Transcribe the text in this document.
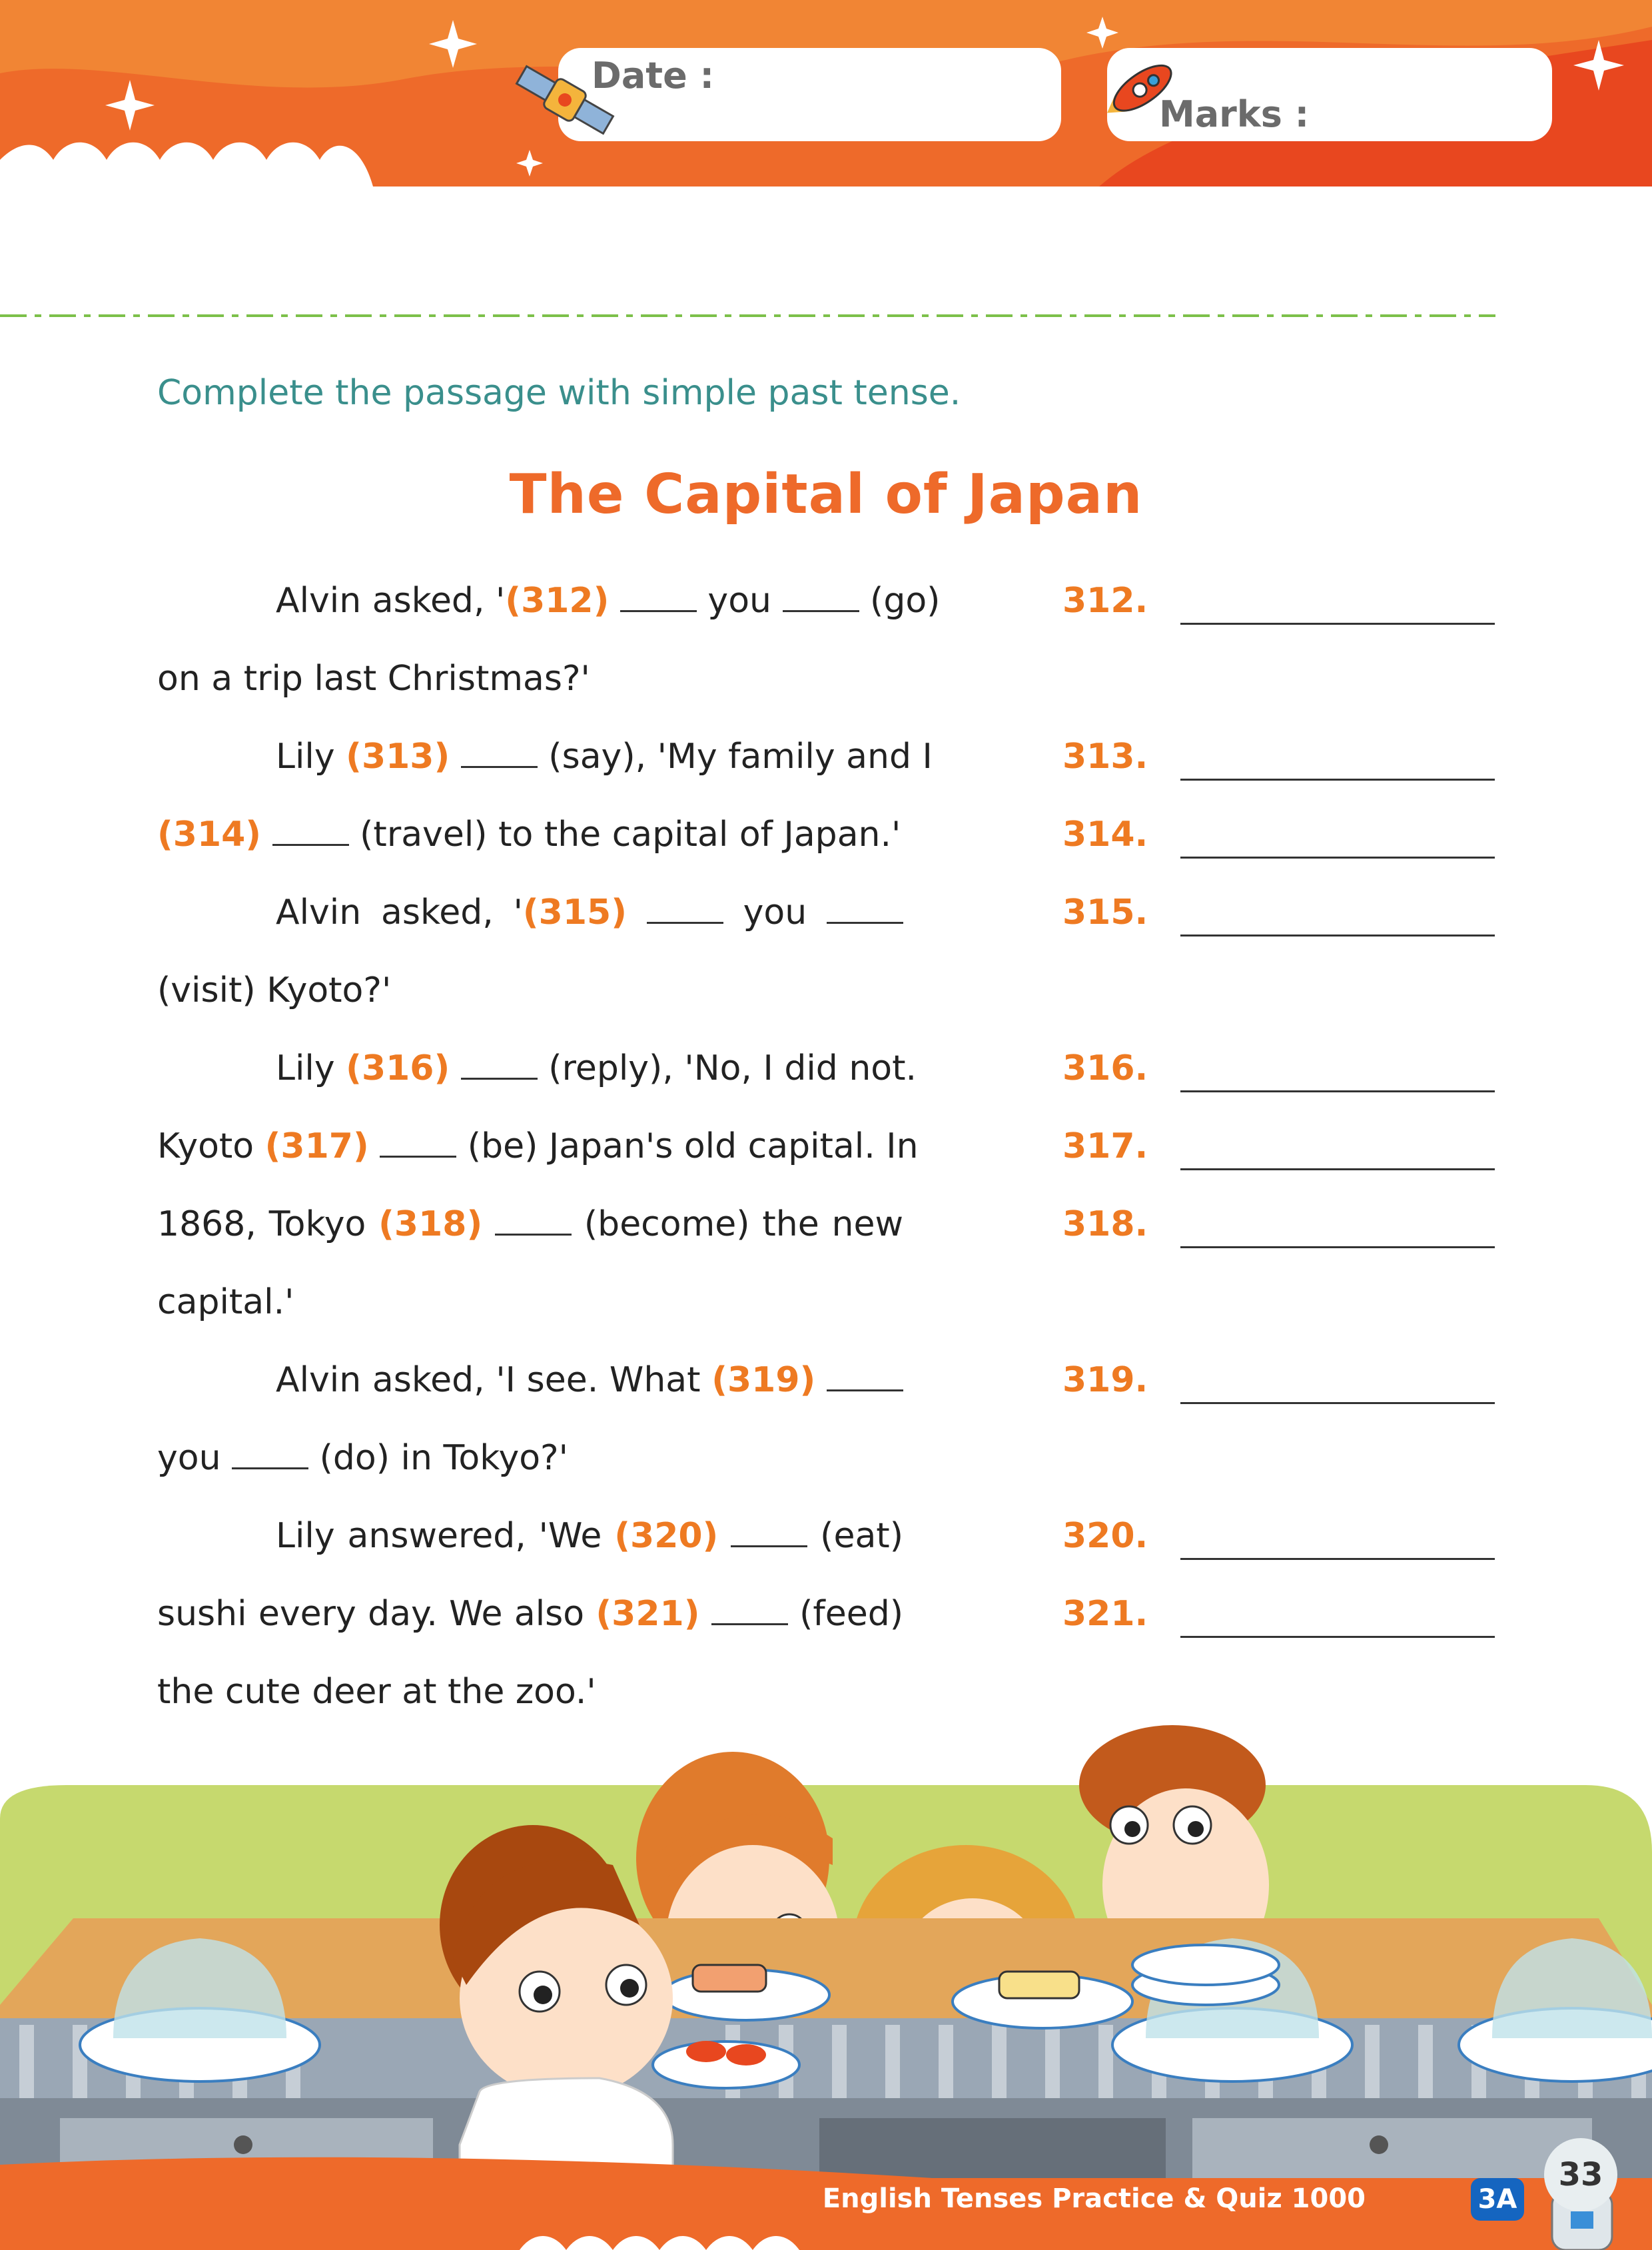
Date :
Marks :
Complete the passage with simple past tense.
The Capital of Japan
Alvin asked, '(312)	you  (go)
on a trip last Christmas?'
Lily (313)	(say), 'My family and I
(314)	(travel) to the capital of Japan.'
Alvin asked, '(315)	you
(visit) Kyoto?'
Lily (316)	(reply), 'No, I did not.
Kyoto (317)	(be) Japan's old capital. In
1868, Tokyo (318)	(become) the new
capital.'
Alvin asked, 'I see. What (319)
you  (do) in Tokyo?'
Lily answered, 'We (320)	(eat)
sushi every day. We also (321)	(feed)
the cute deer at the zoo.'
312.
313.
314.
315.
316.
317.
318.
319.
320.
321.
33
English Tenses Practice & Quiz 1000	3A
